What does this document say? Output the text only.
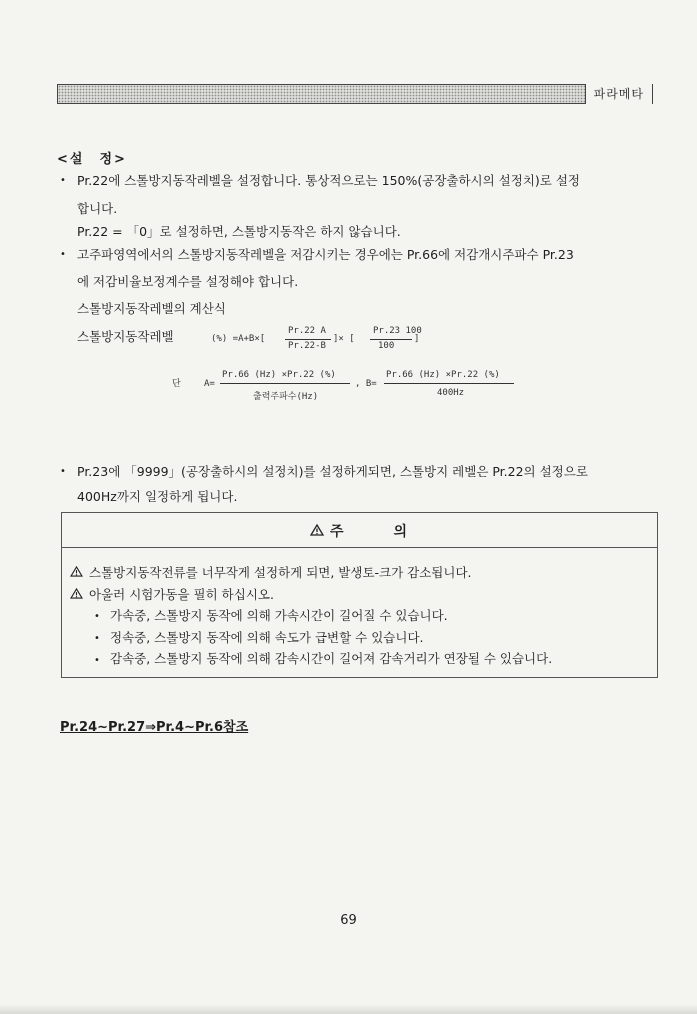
파라메타
<설　정>
• Pr.22에 스톨방지동작레벨을 설정합니다. 통상적으로는 150%(공장출하시의 설정치)로 설정
합니다.
Pr.22 = 「0」로 설정하면, 스톨방지동작은 하지 않습니다.
• 고주파영역에서의 스톨방지동작레벨을 저감시키는 경우에는 Pr.66에 저감개시주파수 Pr.23
에 저감비율보정계수를 설정해야 합니다.
스톨방지동작레벨의 계산식
스톨방지동작레벨	(%) =A+B×[
Pr.22 A
Pr.22-B
]× [
Pr.23 100
100
]
단	A=
Pr.66 (Hz) ×Pr.22 (%)
출력주파수(Hz)
, B=
Pr.66 (Hz) ×Pr.22 (%)
400Hz
• Pr.23에 「9999」(공장출하시의 설정치)를 설정하게되면, 스톨방지 레벨은 Pr.22의 설정으로
400Hz까지 일정하게 됩니다.
주　　　의
스톨방지동작전류를 너무작게 설정하게 되면, 발생토-크가 감소됩니다.
아울러 시험가동을 필히 하십시오.
• 가속중, 스톨방지 동작에 의해 가속시간이 길어질 수 있습니다.
• 정속중, 스톨방지 동작에 의해 속도가 급변할 수 있습니다.
• 감속중, 스톨방지 동작에 의해 감속시간이 길어져 감속거리가 연장될 수 있습니다.
Pr.24∼Pr.27⇒Pr.4∼Pr.6참조
69
